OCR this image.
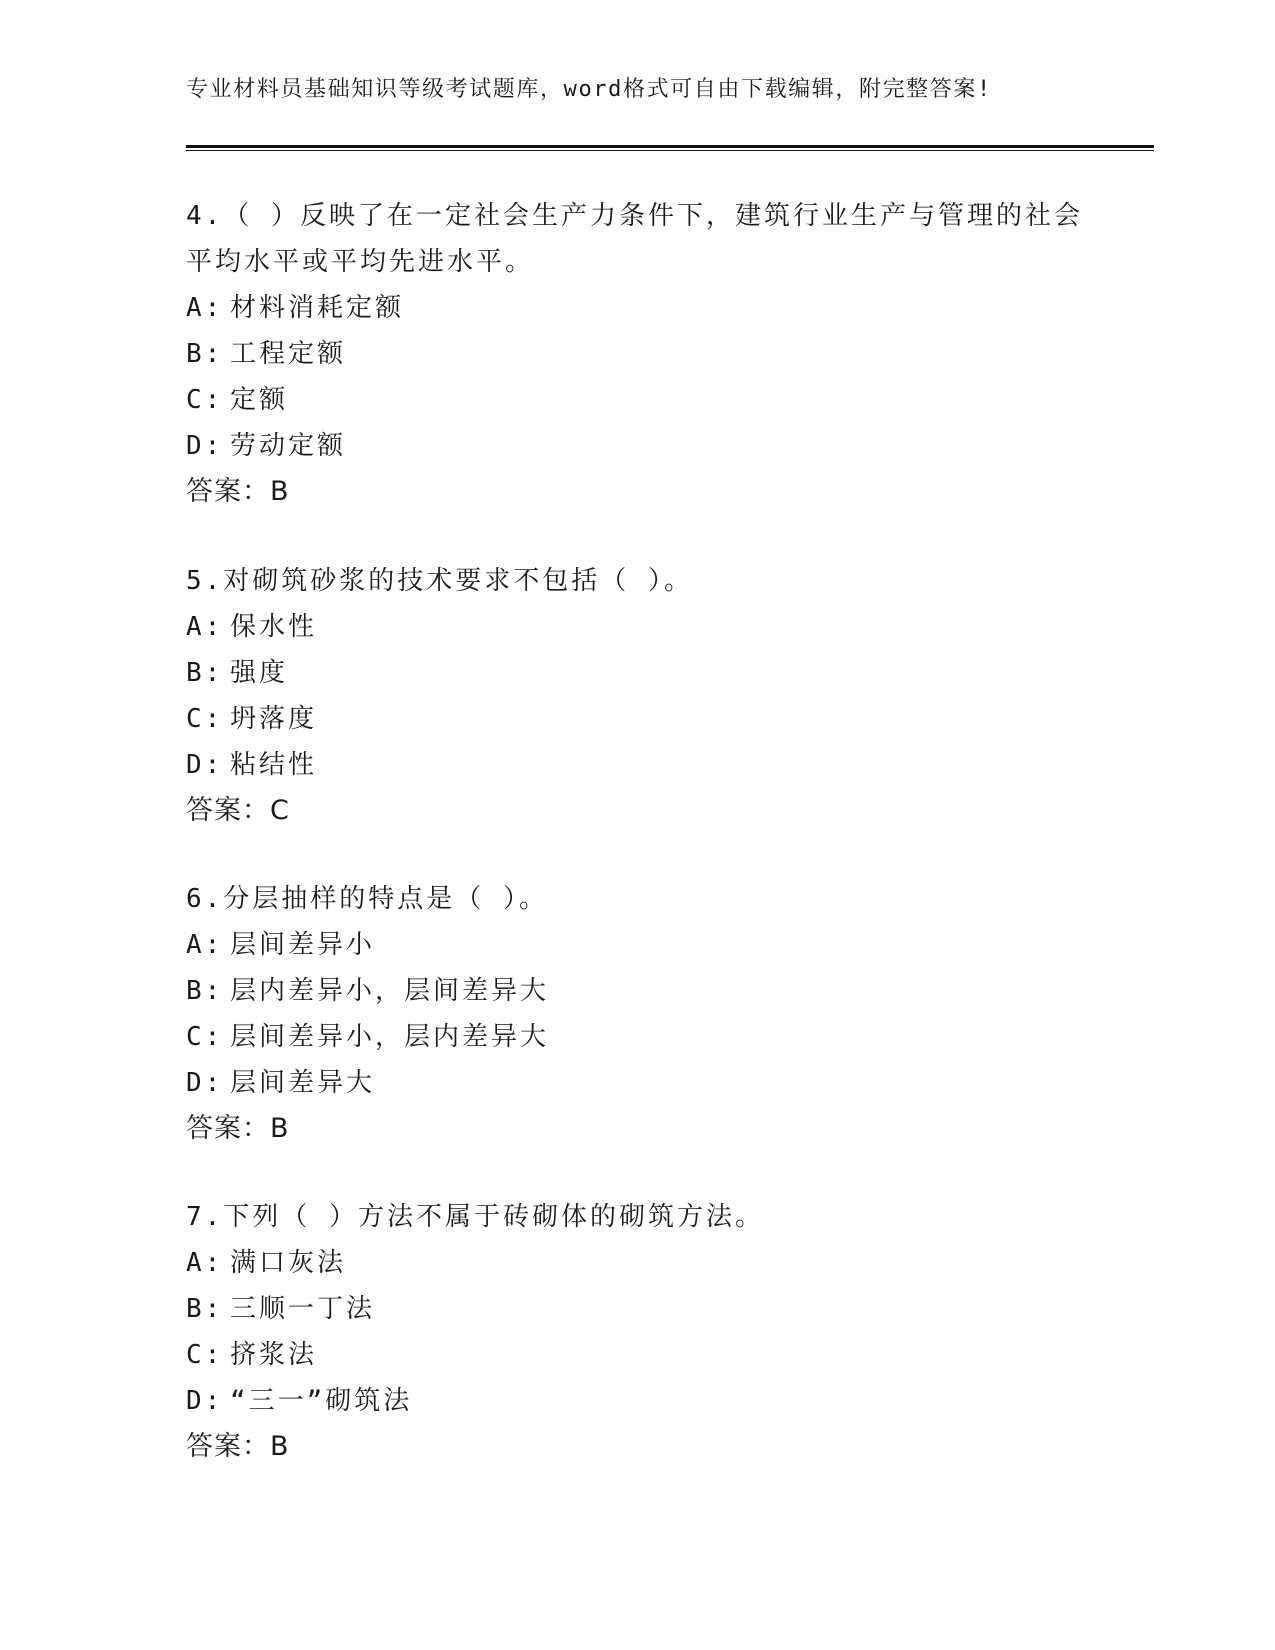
专业材料员基础知识等级考试题库，word格式可自由下载编辑，附完整答案!
4.（ ）反映了在一定社会生产力条件下，建筑行业生产与管理的社会平均水平或平均先进水平。
A: 材料消耗定额
B: 工程定额
C: 定额
D: 劳动定额
答案：B
5.对砌筑砂浆的技术要求不包括（ ）。
A: 保水性
B: 强度
C: 坍落度
D: 粘结性
答案：C
6.分层抽样的特点是（ ）。
A: 层间差异小
B: 层内差异小，层间差异大
C: 层间差异小，层内差异大
D: 层间差异大
答案：B
7.下列（ ）方法不属于砖砌体的砌筑方法。
A: 满口灰法
B: 三顺一丁法
C: 挤浆法
D: “三一”砌筑法
答案：B
